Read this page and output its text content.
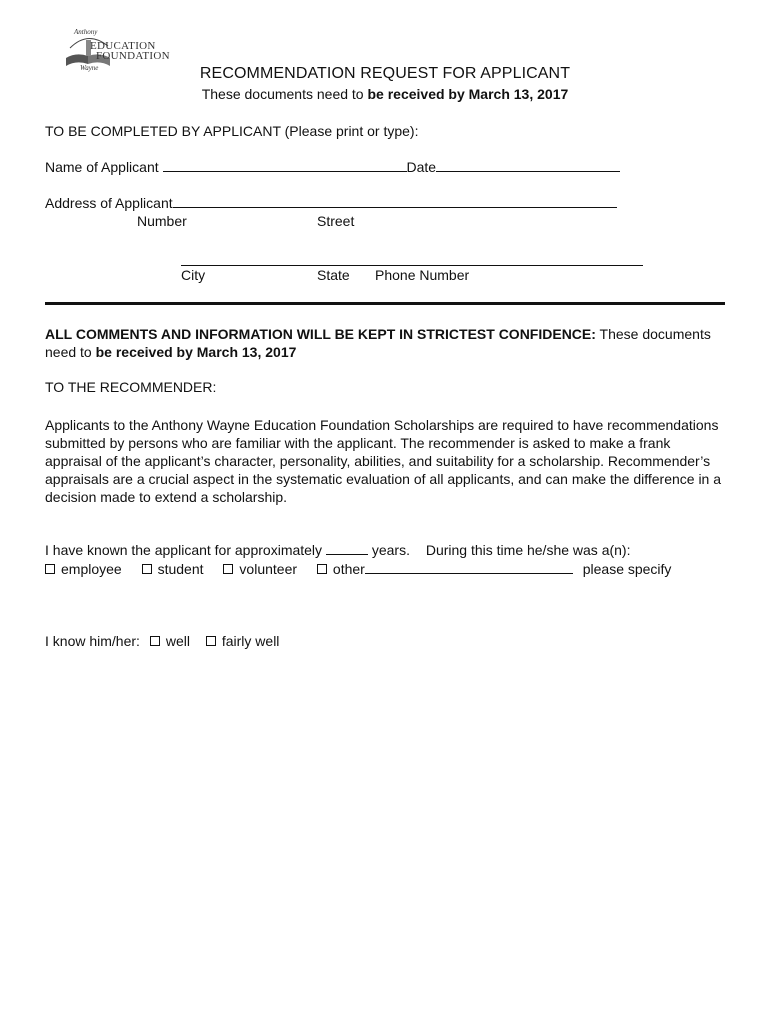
Anthony
EDUCATION
FOUNDATION
Wayne	RECOMMENDATION REQUEST FOR APPLICANT
These documents need to be received by March 13, 2017
TO BE COMPLETED BY APPLICANT (Please print or type):
Name of Applicant	Date
Address of Applicant
Number	Street
City	State Phone Number
ALL COMMENTS AND INFORMATION WILL BE KEPT IN STRICTEST CONFIDENCE: These documents need to be received by March 13, 2017
TO THE RECOMMENDER:
Applicants to the Anthony Wayne Education Foundation Scholarships are required to have recommendations submitted by persons who are familiar with the applicant. The recommender is asked to make a frank appraisal of the applicant’s character, personality, abilities, and suitability for a scholarship. Recommender’s appraisals are a crucial aspect in the systematic evaluation of all applicants, and can make the difference in a decision made to extend a scholarship.
I have known the applicant for approximately	years. During this time he/she was a(n):
employee	student	volunteer	other	please specify
I know him/her: well fairly well
